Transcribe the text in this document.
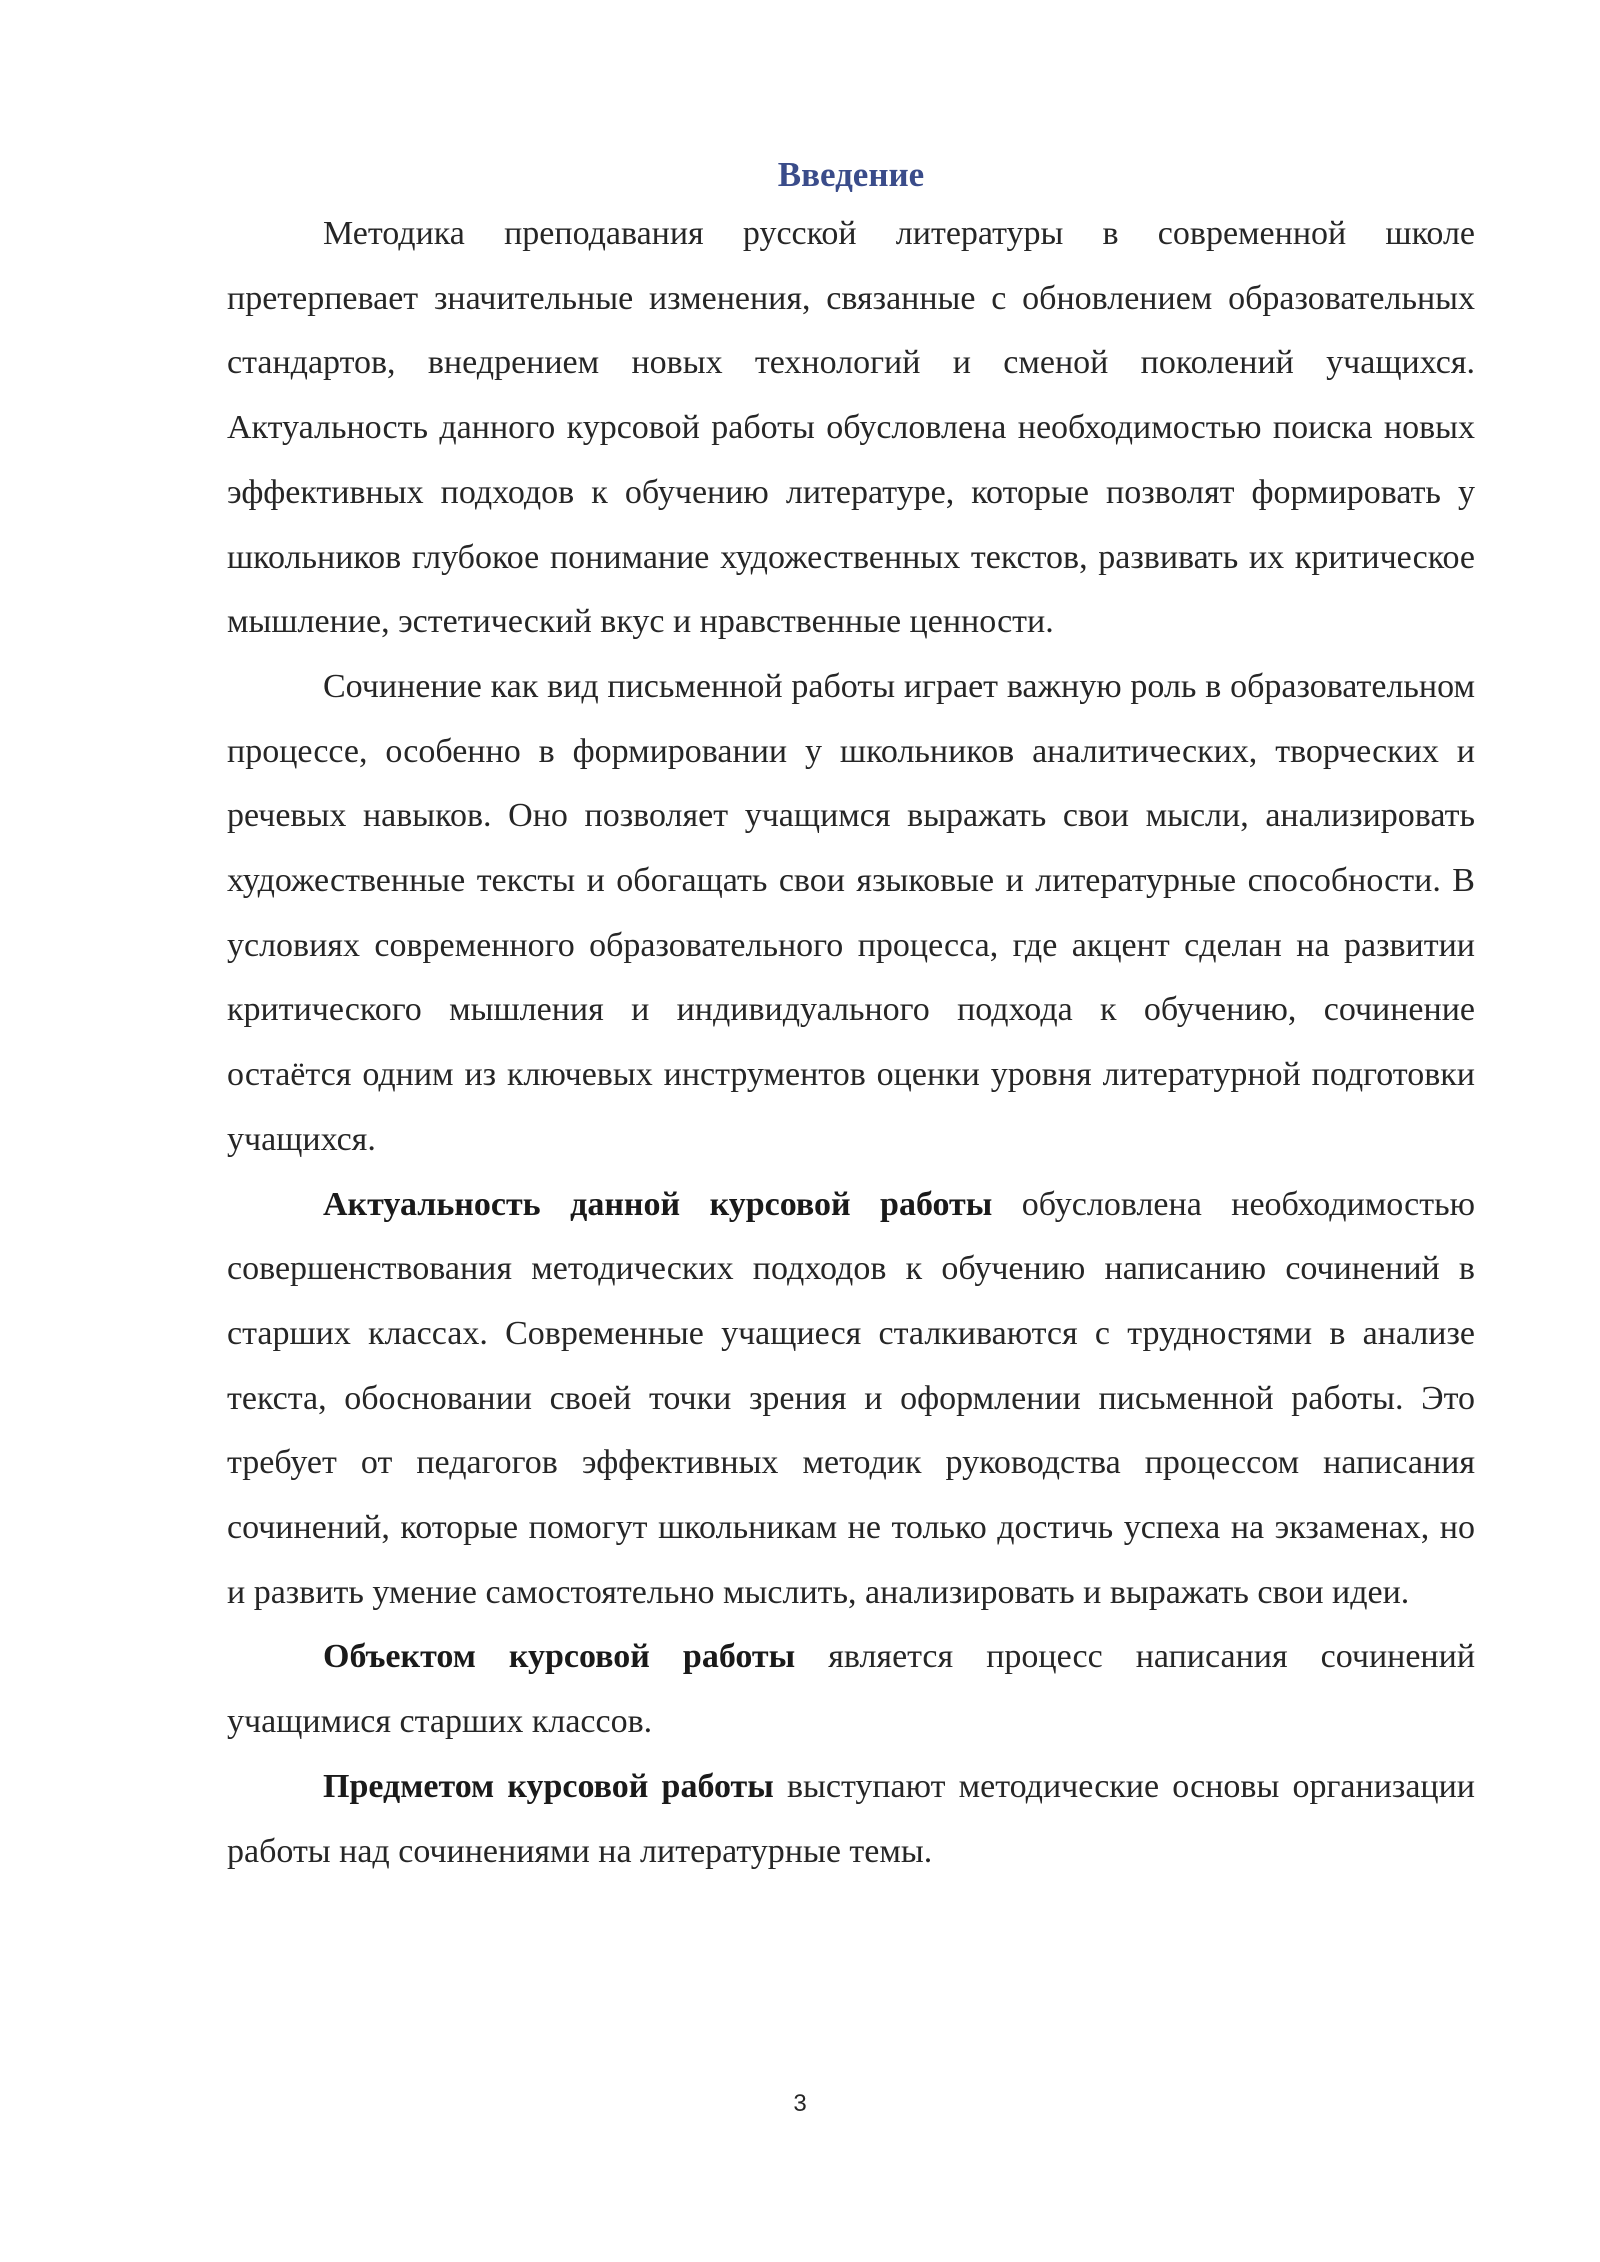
Введение

Методика преподавания русской литературы в современной школе претерпевает значительные изменения, связанные с обновлением образовательных стандартов, внедрением новых технологий и сменой поколений учащихся. Актуальность данного курсовой работы обусловлена необходимостью поиска новых эффективных подходов к обучению литературе, которые позволят формировать у школьников глубокое понимание художественных текстов, развивать их критическое мышление, эстетический вкус и нравственные ценности.

Сочинение как вид письменной работы играет важную роль в образовательном процессе, особенно в формировании у школьников аналитических, творческих и речевых навыков. Оно позволяет учащимся выражать свои мысли, анализировать художественные тексты и обогащать свои языковые и литературные способности. В условиях современного образовательного процесса, где акцент сделан на развитии критического мышления и индивидуального подхода к обучению, сочинение остаётся одним из ключевых инструментов оценки уровня литературной подготовки учащихся.

Актуальность данной курсовой работы обусловлена необходимостью совершенствования методических подходов к обучению написанию сочинений в старших классах. Современные учащиеся сталкиваются с трудностями в анализе текста, обосновании своей точки зрения и оформлении письменной работы. Это требует от педагогов эффективных методик руководства процессом написания сочинений, которые помогут школьникам не только достичь успеха на экзаменах, но и развить умение самостоятельно мыслить, анализировать и выражать свои идеи.

Объектом курсовой работы является процесс написания сочинений учащимися старших классов.

Предметом курсовой работы выступают методические основы организации работы над сочинениями на литературные темы.

3
